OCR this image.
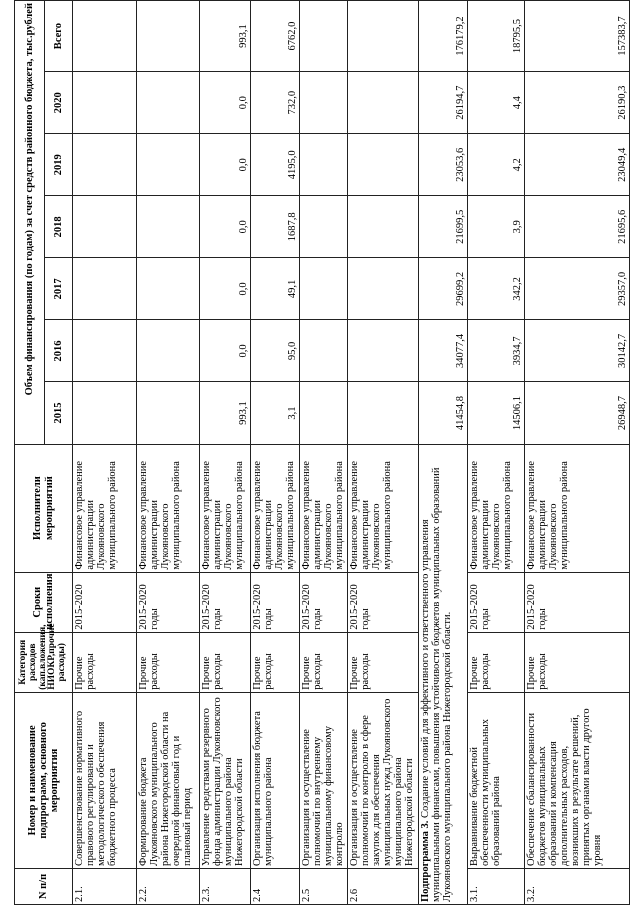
N п/п	Номер и наименование подпрограмм, основного мероприятия	Категория расходов (кап.вложения, НИОКР,прочие расходы)	Сроки исполнения	Исполнители мероприятий	Объем финансирования (по годам) за счет средств районного бюджета, тыс.рублей						
					2015	2016	2017	2018	2019	2020	Всего
2.1.	Совершенствование нормативного правового регулирования и методологического обеспечения бюджетного процесса	Прочие расходы	2015-2020	Финансовое управление администрации Лукояновского муниципального района							
2.2.	Формирование бюджета Лукояновского муниципального района Нижегородской области на очередной финансовый год и плановый период	Прочие расходы	2015-2020 годы	Финансовое управление администрации Лукояновского муниципального района							
2.3.	Управление средствами резервного фонда администрации Лукояновского муниципального района Нижегородской области	Прочие расходы	2015-2020 годы	Финансовое управление администрации Лукояновского муниципального района	993,1	0,0	0,0	0,0	0,0	0,0	993,1
2.4	Организация исполнения бюджета муниципального района	Прочие расходы	2015-2020 годы	Финансовое управление администрации Лукояновского муниципального района	3,1	95,0	49,1	1687,8	4195,0	732,0	6762,0
2.5	Организация и осуществление полномочий по внутреннему муниципальному финансовому контролю	Прочие расходы	2015-2020 годы	Финансовое управление администрации Лукояновского муниципального района							
2.6	Организация и осуществление полномочий по контролю в сфере закупок для обеспечения муниципальных нужд Лукояновского муниципального района Нижегородской области	Прочие расходы	2015-2020 годы	Финансовое управление администрации Лукояновского муниципального района							
Подпрограмма 3. Создание условий для эффективного и ответственного управления муниципальными финансами, повышения устойчивости бюджетов муниципальных образований Лукояновского муниципального района Нижегородской области.					41454,8	34077,4	29699,2	21699,5	23053,6	26194,7	176179,2
3.1.	Выравнивание бюджетной обеспеченности муниципальных образований района	Прочие расходы	2015-2020 годы	Финансовое управление администрации Лукояновского муниципального района	14506,1	3934,7	342,2	3,9	4,2	4,4	18795,5
3.2.	Обеспечение сбалансированности бюджетов муниципальных образований и компенсация дополнительных расходов, возникших в результате решений, принятых органами власти другого уровня	Прочие расходы	2015-2020 годы	Финансовое управление администрации Лукояновского муниципального района	26948,7	30142,7	29357,0	21695,6	23049,4	26190,3	157383,7
